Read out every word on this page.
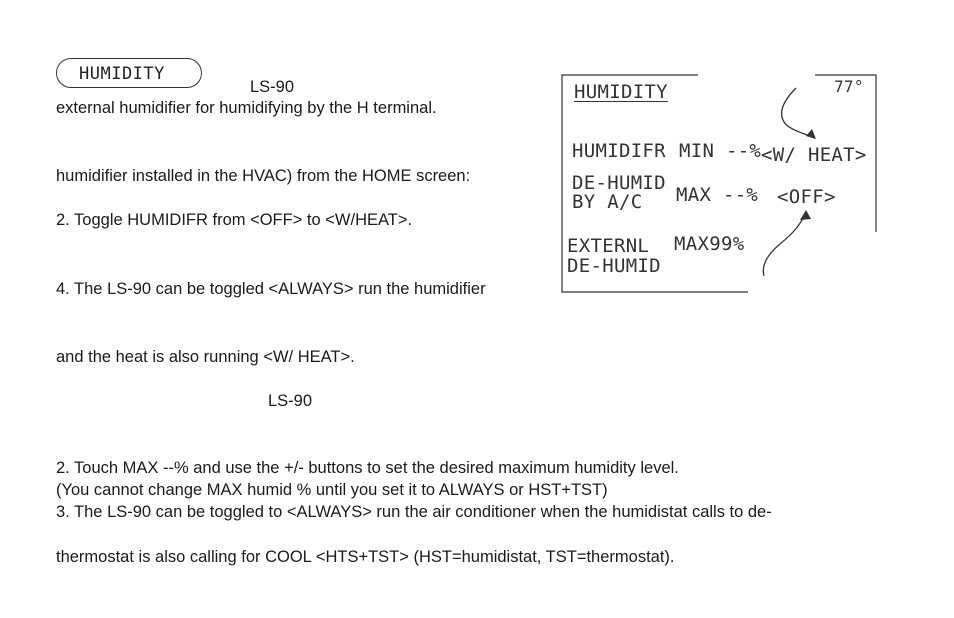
HUMIDITY
LS-90
external humidifier for humidifying by the H terminal.
humidifier installed in the HVAC) from the HOME screen:
2. Toggle HUMIDIFR from <OFF> to <W/HEAT>.
4. The LS-90 can be toggled <ALWAYS> run the humidifier
and the heat is also running <W/ HEAT>.
LS-90
2. Touch MAX --% and use the +/- buttons to set the desired maximum humidity level.
(You cannot change MAX humid % until you set it to ALWAYS or HST+TST)
3. The LS-90 can be toggled to <ALWAYS> run the air conditioner when the humidistat calls to de-
thermostat is also calling for COOL <HTS+TST> (HST=humidistat, TST=thermostat).
HUMIDITY	77°
HUMIDIFR MIN --% <W/ HEAT>
DE-HUMID
BY A/C MAX --% <OFF>
EXTERNL
DE-HUMID
MAX99%
